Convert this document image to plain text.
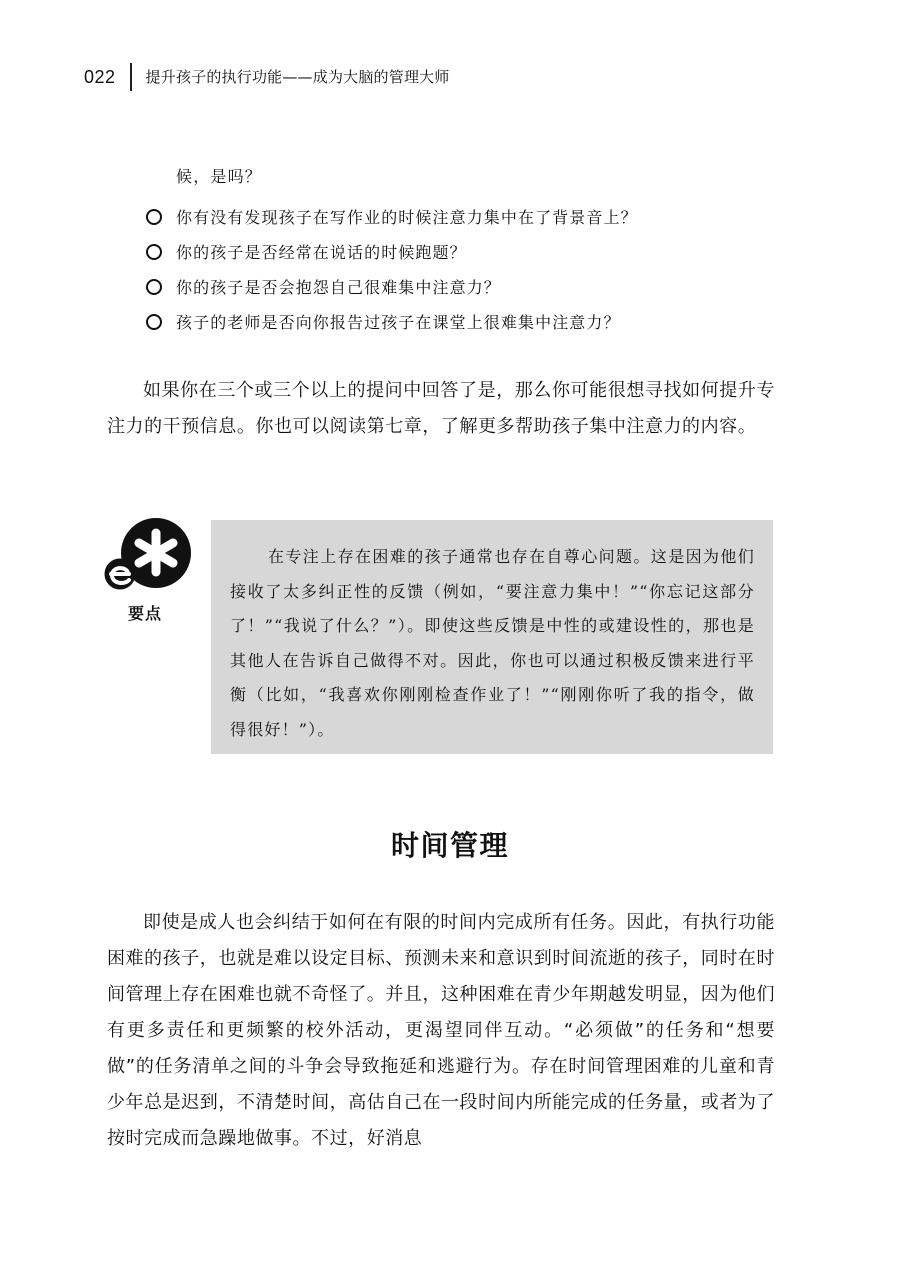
022 提升孩子的执行功能——成为大脑的管理大师
候，是吗？
你有没有发现孩子在写作业的时候注意力集中在了背景音上？
你的孩子是否经常在说话的时候跑题？
你的孩子是否会抱怨自己很难集中注意力？
孩子的老师是否向你报告过孩子在课堂上很难集中注意力？

如果你在三个或三个以上的提问中回答了是，那么你可能很想寻找如何提升专注力的干预信息。你也可以阅读第七章，了解更多帮助孩子集中注意力的内容。

要点

在专注上存在困难的孩子通常也存在自尊心问题。这是因为他们接收了太多纠正性的反馈（例如，“要注意力集中！”“你忘记这部分了！”“我说了什么？”）。即使这些反馈是中性的或建设性的，那也是其他人在告诉自己做得不对。因此，你也可以通过积极反馈来进行平衡（比如，“我喜欢你刚刚检查作业了！”“刚刚你听了我的指令，做得很好！”）。

时间管理

即使是成人也会纠结于如何在有限的时间内完成所有任务。因此，有执行功能困难的孩子，也就是难以设定目标、预测未来和意识到时间流逝的孩子，同时在时间管理上存在困难也就不奇怪了。并且，这种困难在青少年期越发明显，因为他们有更多责任和更频繁的校外活动，更渴望同伴互动。“必须做”的任务和“想要做”的任务清单之间的斗争会导致拖延和逃避行为。存在时间管理困难的儿童和青少年总是迟到，不清楚时间，高估自己在一段时间内所能完成的任务量，或者为了按时完成而急躁地做事。不过，好消息
